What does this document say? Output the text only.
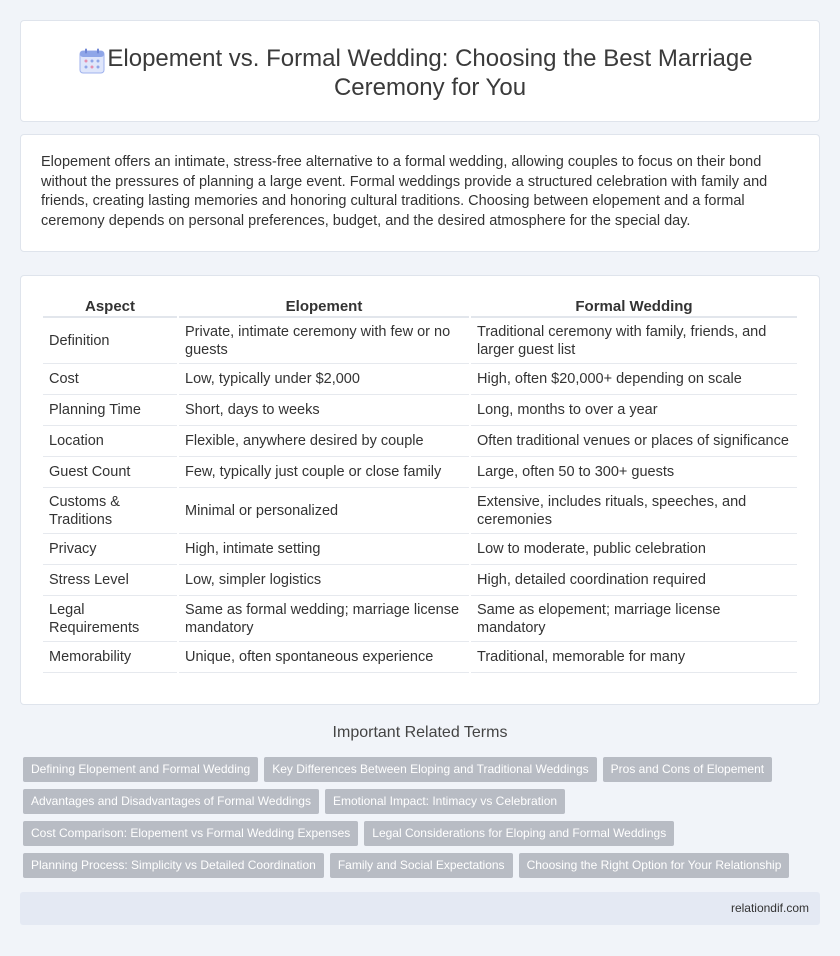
Elopement vs. Formal Wedding: Choosing the Best Marriage
Ceremony for You

Elopement offers an intimate, stress-free alternative to a formal wedding, allowing couples to focus on their bond without the pressures of planning a large event. Formal weddings provide a structured celebration with family and friends, creating lasting memories and honoring cultural traditions. Choosing between elopement and a formal ceremony depends on personal preferences, budget, and the desired atmosphere for the special day.

Aspect	Elopement	Formal Wedding
Definition	Private, intimate ceremony with few or no guests	Traditional ceremony with family, friends, and larger guest list
Cost	Low, typically under $2,000	High, often $20,000+ depending on scale
Planning Time	Short, days to weeks	Long, months to over a year
Location	Flexible, anywhere desired by couple	Often traditional venues or places of significance
Guest Count	Few, typically just couple or close family	Large, often 50 to 300+ guests
Customs & Traditions	Minimal or personalized	Extensive, includes rituals, speeches, and ceremonies
Privacy	High, intimate setting	Low to moderate, public celebration
Stress Level	Low, simpler logistics	High, detailed coordination required
Legal Requirements	Same as formal wedding; marriage license mandatory	Same as elopement; marriage license mandatory
Memorability	Unique, often spontaneous experience	Traditional, memorable for many
Important Related Terms
Defining Elopement and Formal Wedding Key Differences Between Eloping and Traditional Weddings Pros and Cons of Elopement
Advantages and Disadvantages of Formal Weddings Emotional Impact: Intimacy vs Celebration
Cost Comparison: Elopement vs Formal Wedding Expenses Legal Considerations for Eloping and Formal Weddings
Planning Process: Simplicity vs Detailed Coordination Family and Social Expectations Choosing the Right Option for Your Relationship
relationdif.com
